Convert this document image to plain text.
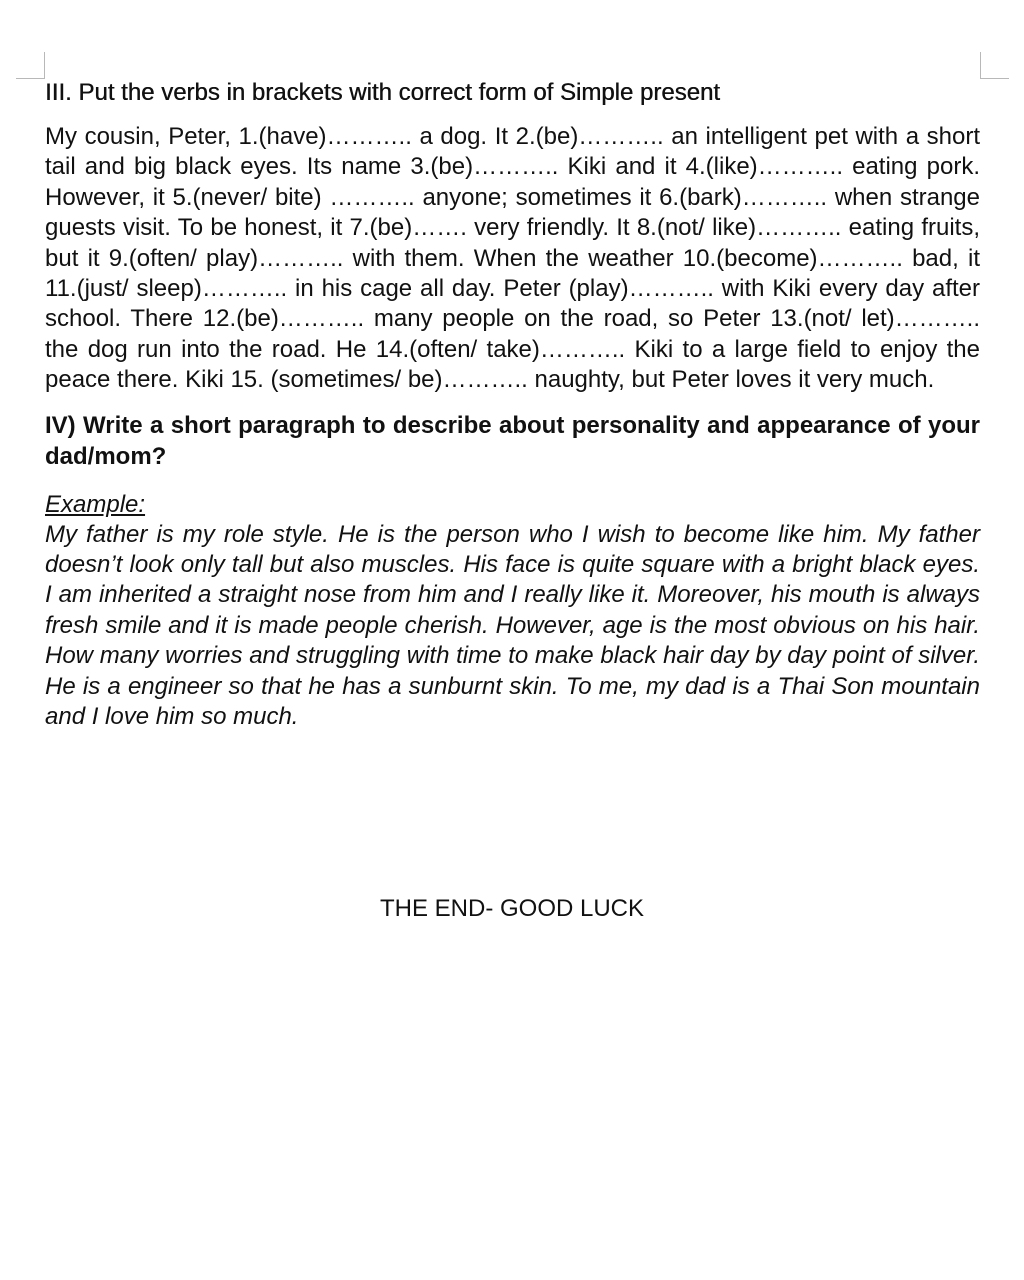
III. Put the verbs in brackets with correct form of Simple present

My cousin, Peter, 1.(have)……….. a dog. It 2.(be)……….. an intelligent pet with a short tail and big black eyes. Its name 3.(be)……….. Kiki and it 4.(like)……….. eating pork. However, it 5.(never/ bite) ……….. anyone; sometimes it 6.(bark)……….. when strange guests visit. To be honest, it 7.(be)……. very friendly. It 8.(not/ like)……….. eating fruits, but it 9.(often/ play)……….. with them. When the weather 10.(become)……….. bad, it 11.(just/ sleep)……….. in his cage all day. Peter (play)……….. with Kiki every day after school. There 12.(be)……….. many people on the road, so Peter 13.(not/ let)……….. the dog run into the road. He 14.(often/ take)……….. Kiki to a large field to enjoy the peace there. Kiki 15. (sometimes/ be)……….. naughty, but Peter loves it very much.

IV) Write a short paragraph to describe about personality and appearance of your dad/mom?
Example:

My father is my role style. He is the person who I wish to become like him. My father doesn’t look only tall but also muscles. His face is quite square with a bright black eyes. I am inherited a straight nose from him and I really like it. Moreover, his mouth is always fresh smile and it is made people cherish. However, age is the most obvious on his hair. How many worries and struggling with time to make black hair day by day point of silver. He is a engineer so that he has a sunburnt skin. To me, my dad is a Thai Son mountain and I love him so much.

THE END- GOOD LUCK
